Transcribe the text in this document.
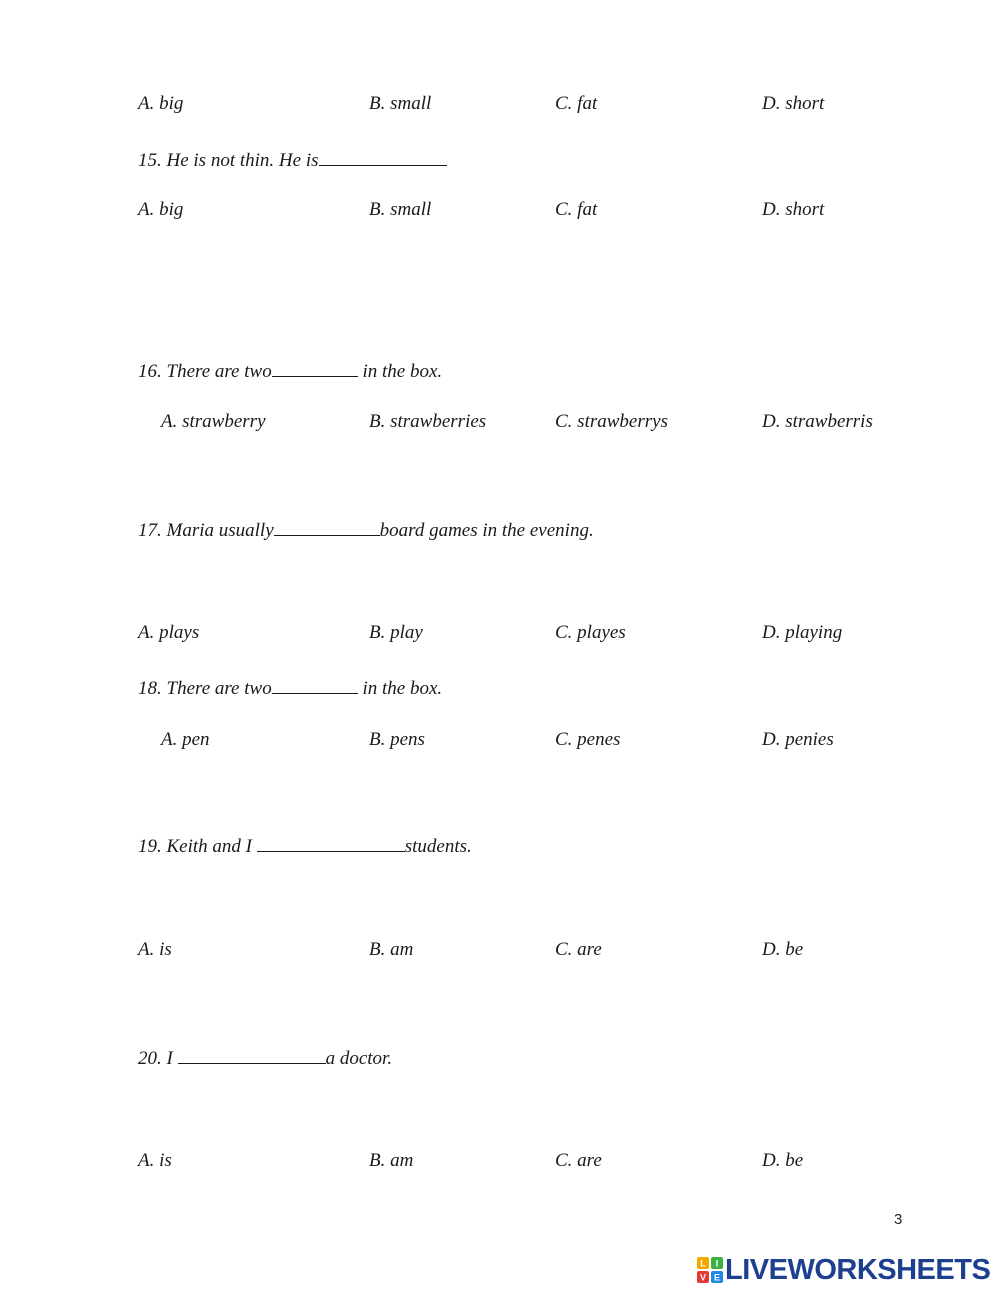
A. big	B. small	C. fat	D. short

15. He is not thin. He is

A. big	B. small	C. fat	D. short

16. There are two	in the box.

A. strawberry	B. strawberries	C. strawberrys	D. strawberris

17. Maria usually	board games in the evening.

A. plays	B. play	C. playes	D. playing

18. There are two	in the box.

A. pen	B. pens	C. penes	D. penies

19. Keith and I	students.

A. is	B. am	C. are	D. be

20. I	a doctor.

A. is	B. am	C. are	D. be

3
L I
V E LIVEWORKSHEETS
